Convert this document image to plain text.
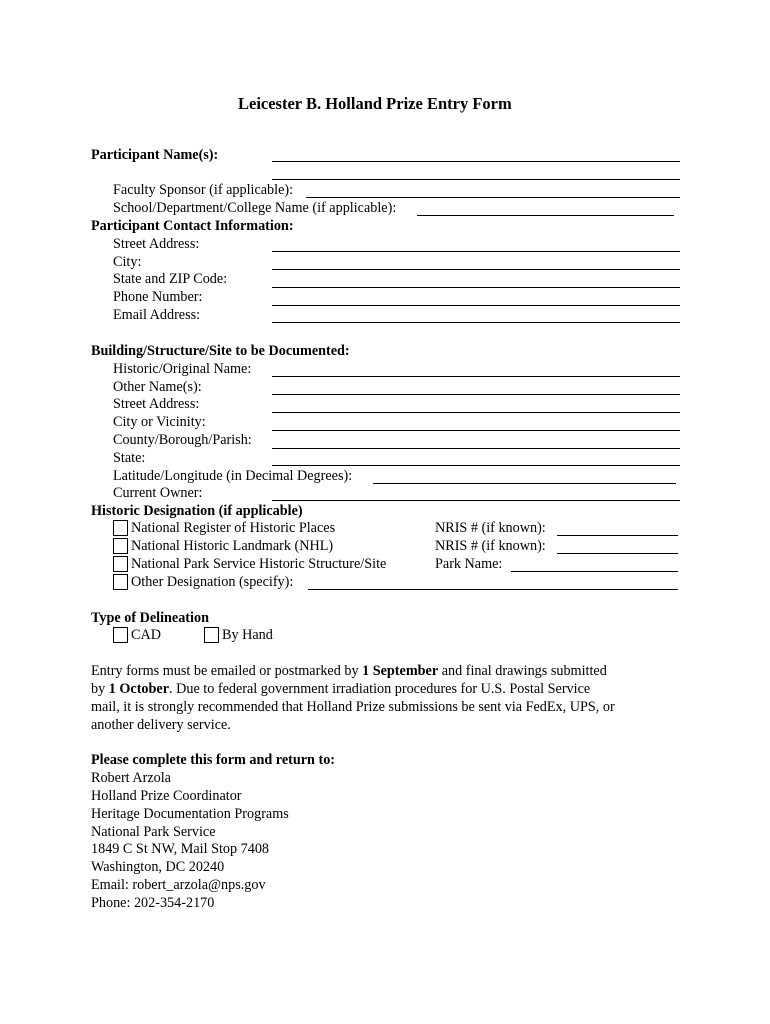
Leicester B. Holland Prize Entry Form
Participant Name(s):
Faculty Sponsor (if applicable):
School/Department/College Name (if applicable):
Participant Contact Information:
Street Address:
City:
State and ZIP Code:
Phone Number:
Email Address:
Building/Structure/Site to be Documented:
Historic/Original Name:
Other Name(s):
Street Address:
City or Vicinity:
County/Borough/Parish:
State:
Latitude/Longitude (in Decimal Degrees):
Current Owner:
Historic Designation (if applicable)
National Register of Historic Places	NRIS # (if known):
National Historic Landmark (NHL)	NRIS # (if known):
National Park Service Historic Structure/Site	Park Name:
Other Designation (specify):
Type of Delineation
CAD	By Hand
Entry forms must be emailed or postmarked by 1 September and final drawings submitted
by 1 October. Due to federal government irradiation procedures for U.S. Postal Service
mail, it is strongly recommended that Holland Prize submissions be sent via FedEx, UPS, or
another delivery service.
Please complete this form and return to:
Robert Arzola
Holland Prize Coordinator
Heritage Documentation Programs
National Park Service
1849 C St NW, Mail Stop 7408
Washington, DC 20240
Email: robert_arzola@nps.gov
Phone: 202-354-2170
